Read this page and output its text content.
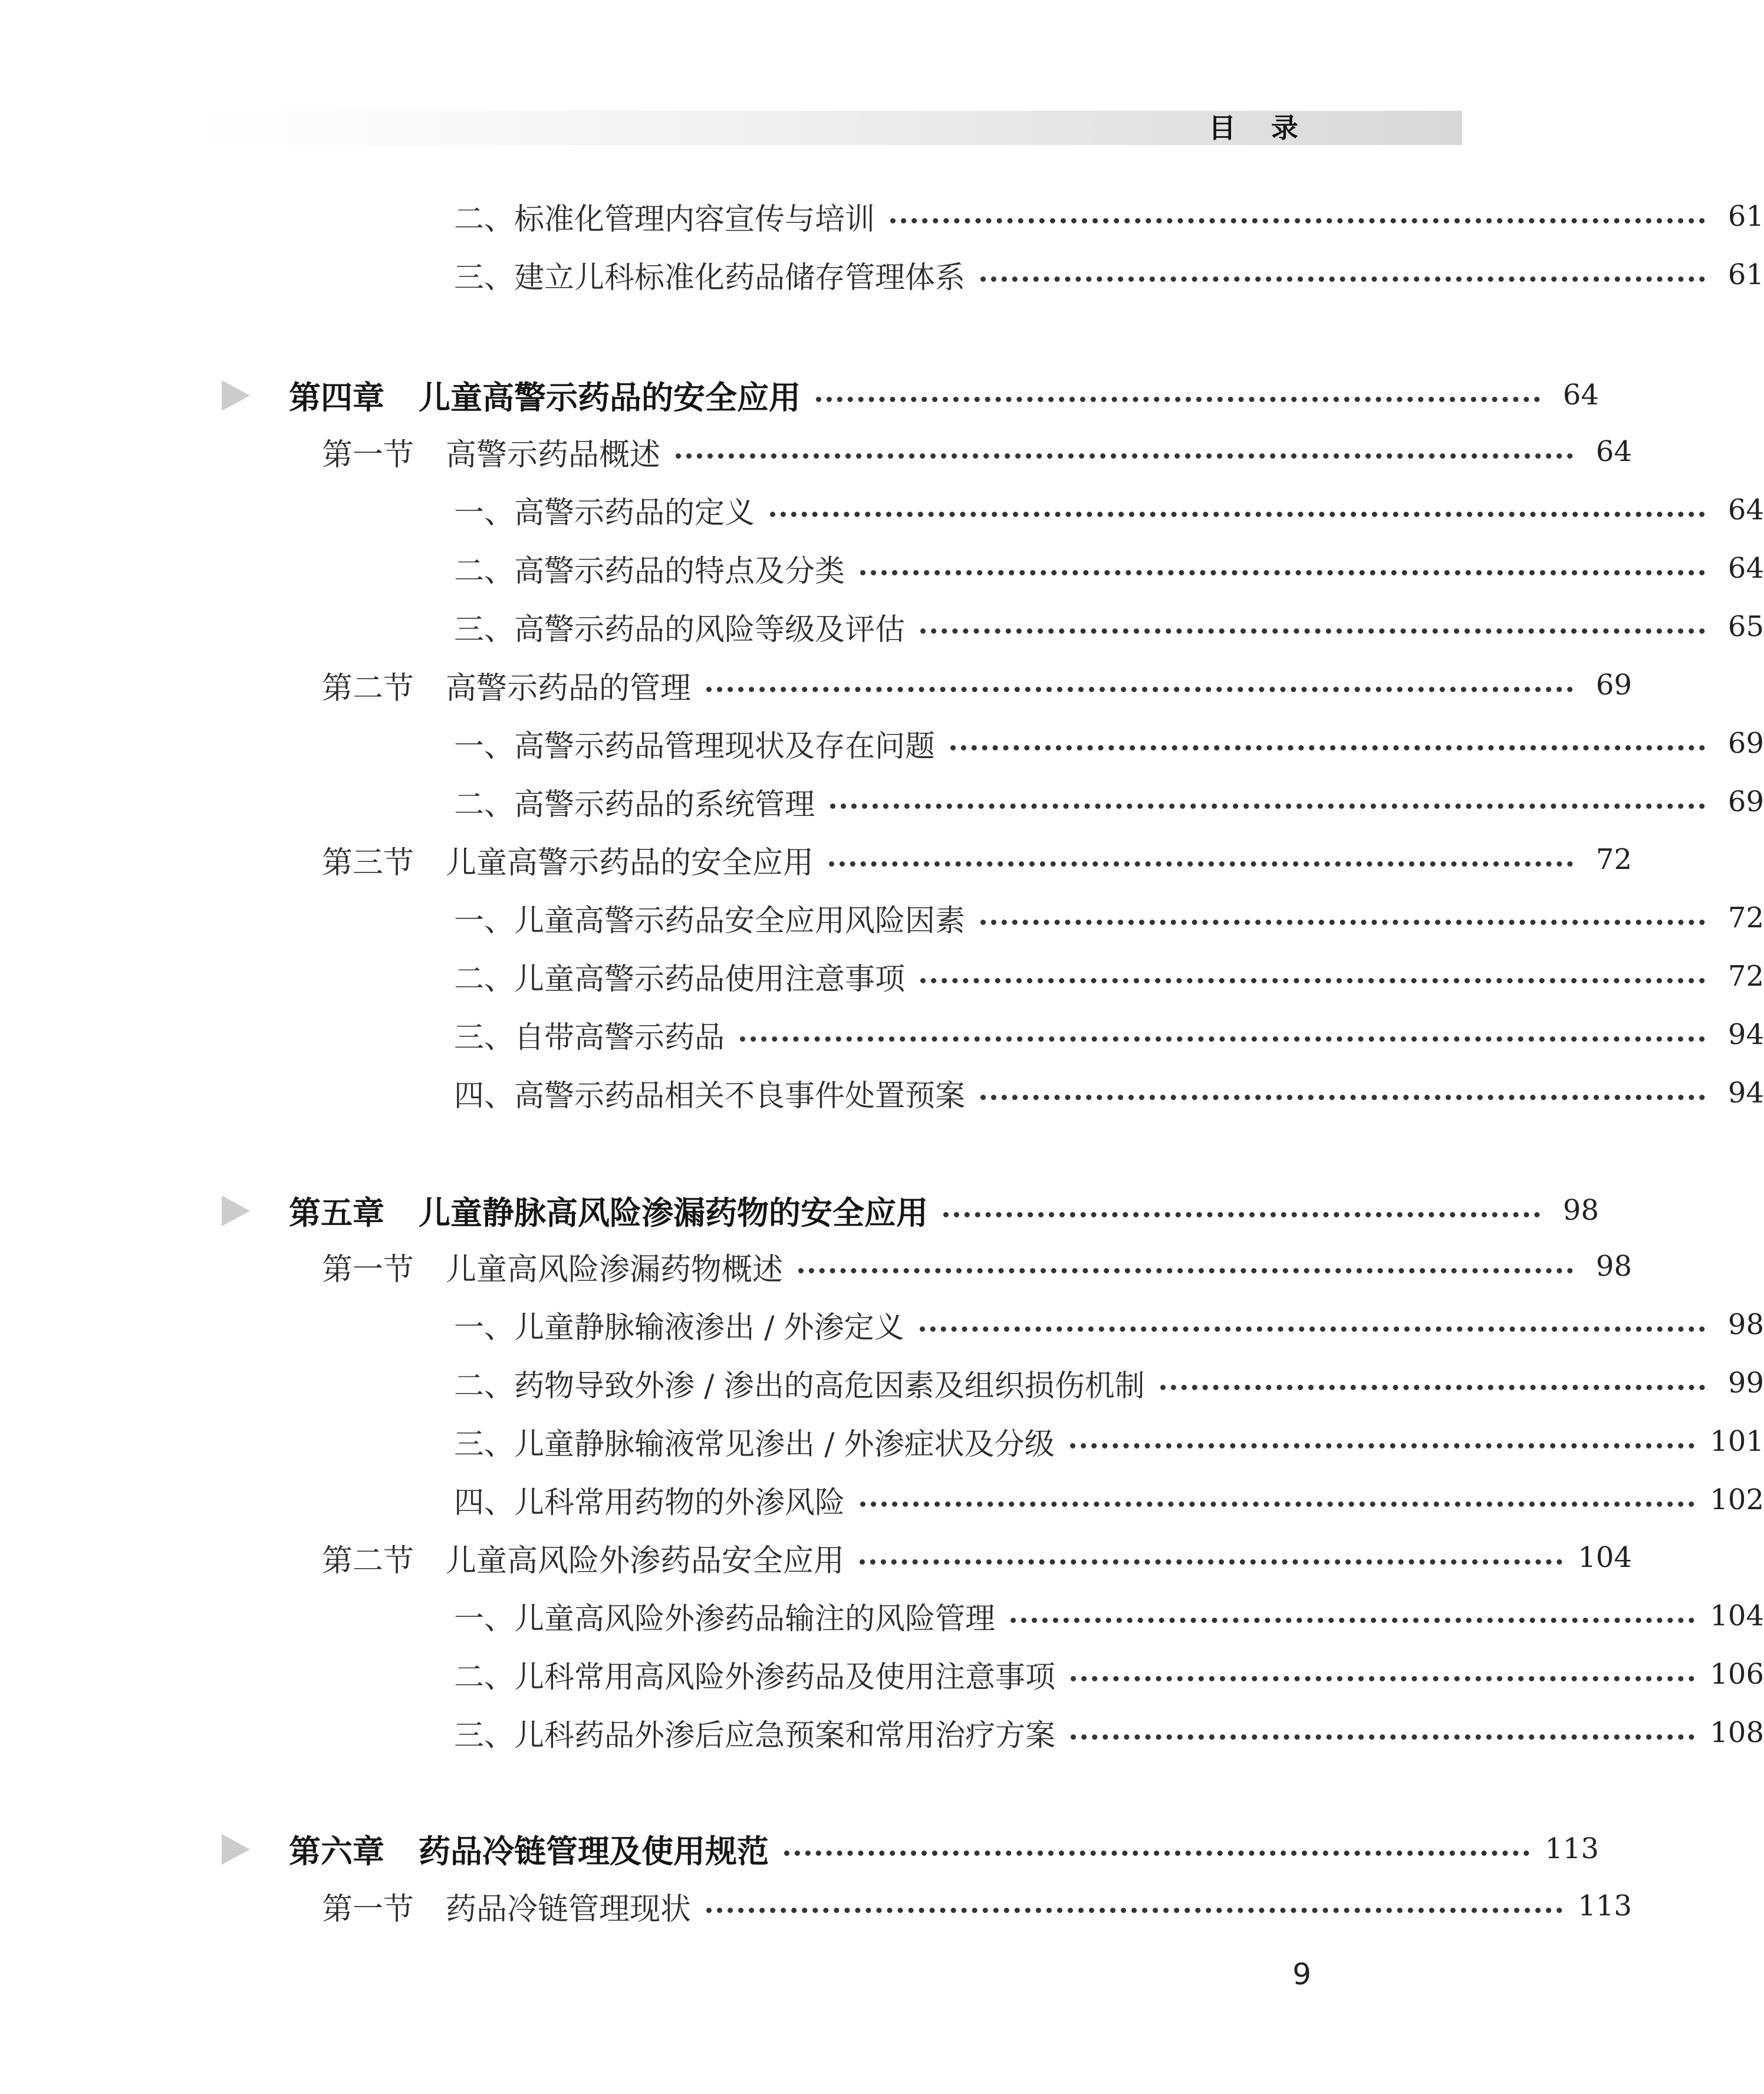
目 录
二、标准化管理内容宣传与培训	61
三、建立儿科标准化药品储存管理体系	61
第四章 儿童高警示药品的安全应用	64
第一节 高警示药品概述	64
一、高警示药品的定义	64
二、高警示药品的特点及分类	64
三、高警示药品的风险等级及评估	65
第二节 高警示药品的管理	69
一、高警示药品管理现状及存在问题	69
二、高警示药品的系统管理	69
第三节 儿童高警示药品的安全应用	72
一、儿童高警示药品安全应用风险因素	72
二、儿童高警示药品使用注意事项	72
三、自带高警示药品	94
四、高警示药品相关不良事件处置预案	94
第五章 儿童静脉高风险渗漏药物的安全应用	98
第一节 儿童高风险渗漏药物概述	98
一、儿童静脉输液渗出 / 外渗定义	98
二、药物导致外渗 / 渗出的高危因素及组织损伤机制	99
三、儿童静脉输液常见渗出 / 外渗症状及分级	101
四、儿科常用药物的外渗风险	102
第二节 儿童高风险外渗药品安全应用	104
一、儿童高风险外渗药品输注的风险管理	104
二、儿科常用高风险外渗药品及使用注意事项	106
三、儿科药品外渗后应急预案和常用治疗方案	108
第六章 药品冷链管理及使用规范	113
第一节 药品冷链管理现状	113
9
